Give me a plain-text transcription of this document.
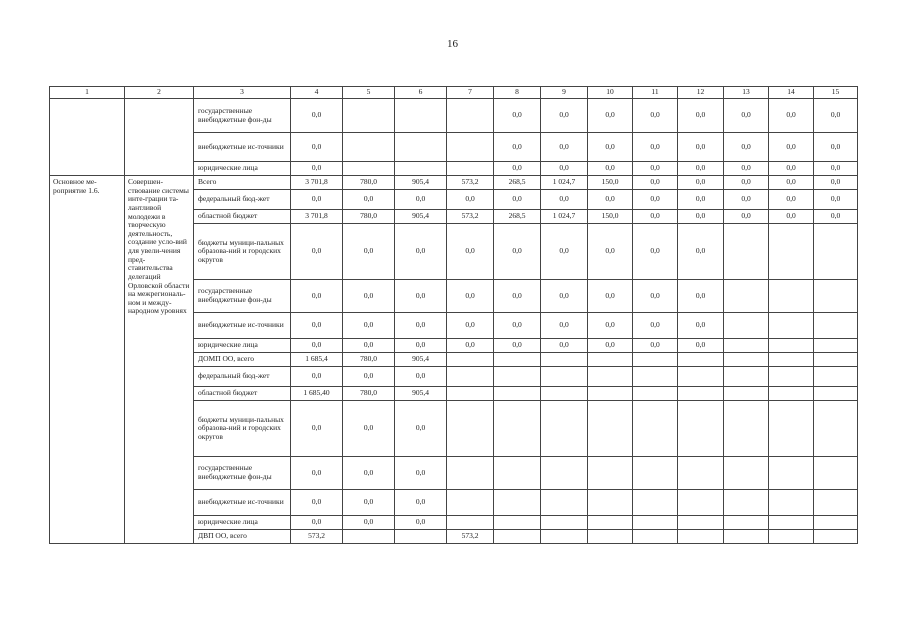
16
1	2	3	4	5	6	7	8	9	10	11	12	13	14	15
		государственные внебюджетные фон-ды	0,0				0,0	0,0	0,0	0,0	0,0	0,0	0,0	0,0
		внебюджетные ис-точники	0,0				0,0	0,0	0,0	0,0	0,0	0,0	0,0	0,0
		юридические лица	0,0				0,0	0,0	0,0	0,0	0,0	0,0	0,0	0,0
Основное ме-роприятие 1.6.	Совершен-ствование системы инте-грации та-лантливой молодежи в творческую деятельность, создание усло-вий для увели-чения пред-ставительства делегаций Орловской области на межрегиональ-ном и между-народном уровнях	Всего	3 701,8	780,0	905,4	573,2	268,5	1 024,7	150,0	0,0	0,0	0,0	0,0	0,0
		федеральный бюд-жет	0,0	0,0	0,0	0,0	0,0	0,0	0,0	0,0	0,0	0,0	0,0	0,0
		областной бюджет	3 701,8	780,0	905,4	573,2	268,5	1 024,7	150,0	0,0	0,0	0,0	0,0	0,0
		бюджеты муници-пальных образова-ний и городских округов	0,0	0,0	0,0	0,0	0,0	0,0	0,0	0,0	0,0			
		государственные внебюджетные фон-ды	0,0	0,0	0,0	0,0	0,0	0,0	0,0	0,0	0,0			
		внебюджетные ис-точники	0,0	0,0	0,0	0,0	0,0	0,0	0,0	0,0	0,0			
		юридические лица	0,0	0,0	0,0	0,0	0,0	0,0	0,0	0,0	0,0			
		ДОМП ОО, всего	1 685,4	780,0	905,4									
		федеральный бюд-жет	0,0	0,0	0,0									
		областной бюджет	1 685,40	780,0	905,4									
		бюджеты муници-пальных образова-ний и городских округов	0,0	0,0	0,0									
		государственные внебюджетные фон-ды	0,0	0,0	0,0									
		внебюджетные ис-точники	0,0	0,0	0,0									
		юридические лица	0,0	0,0	0,0									
		ДВП ОО, всего	573,2			573,2								
